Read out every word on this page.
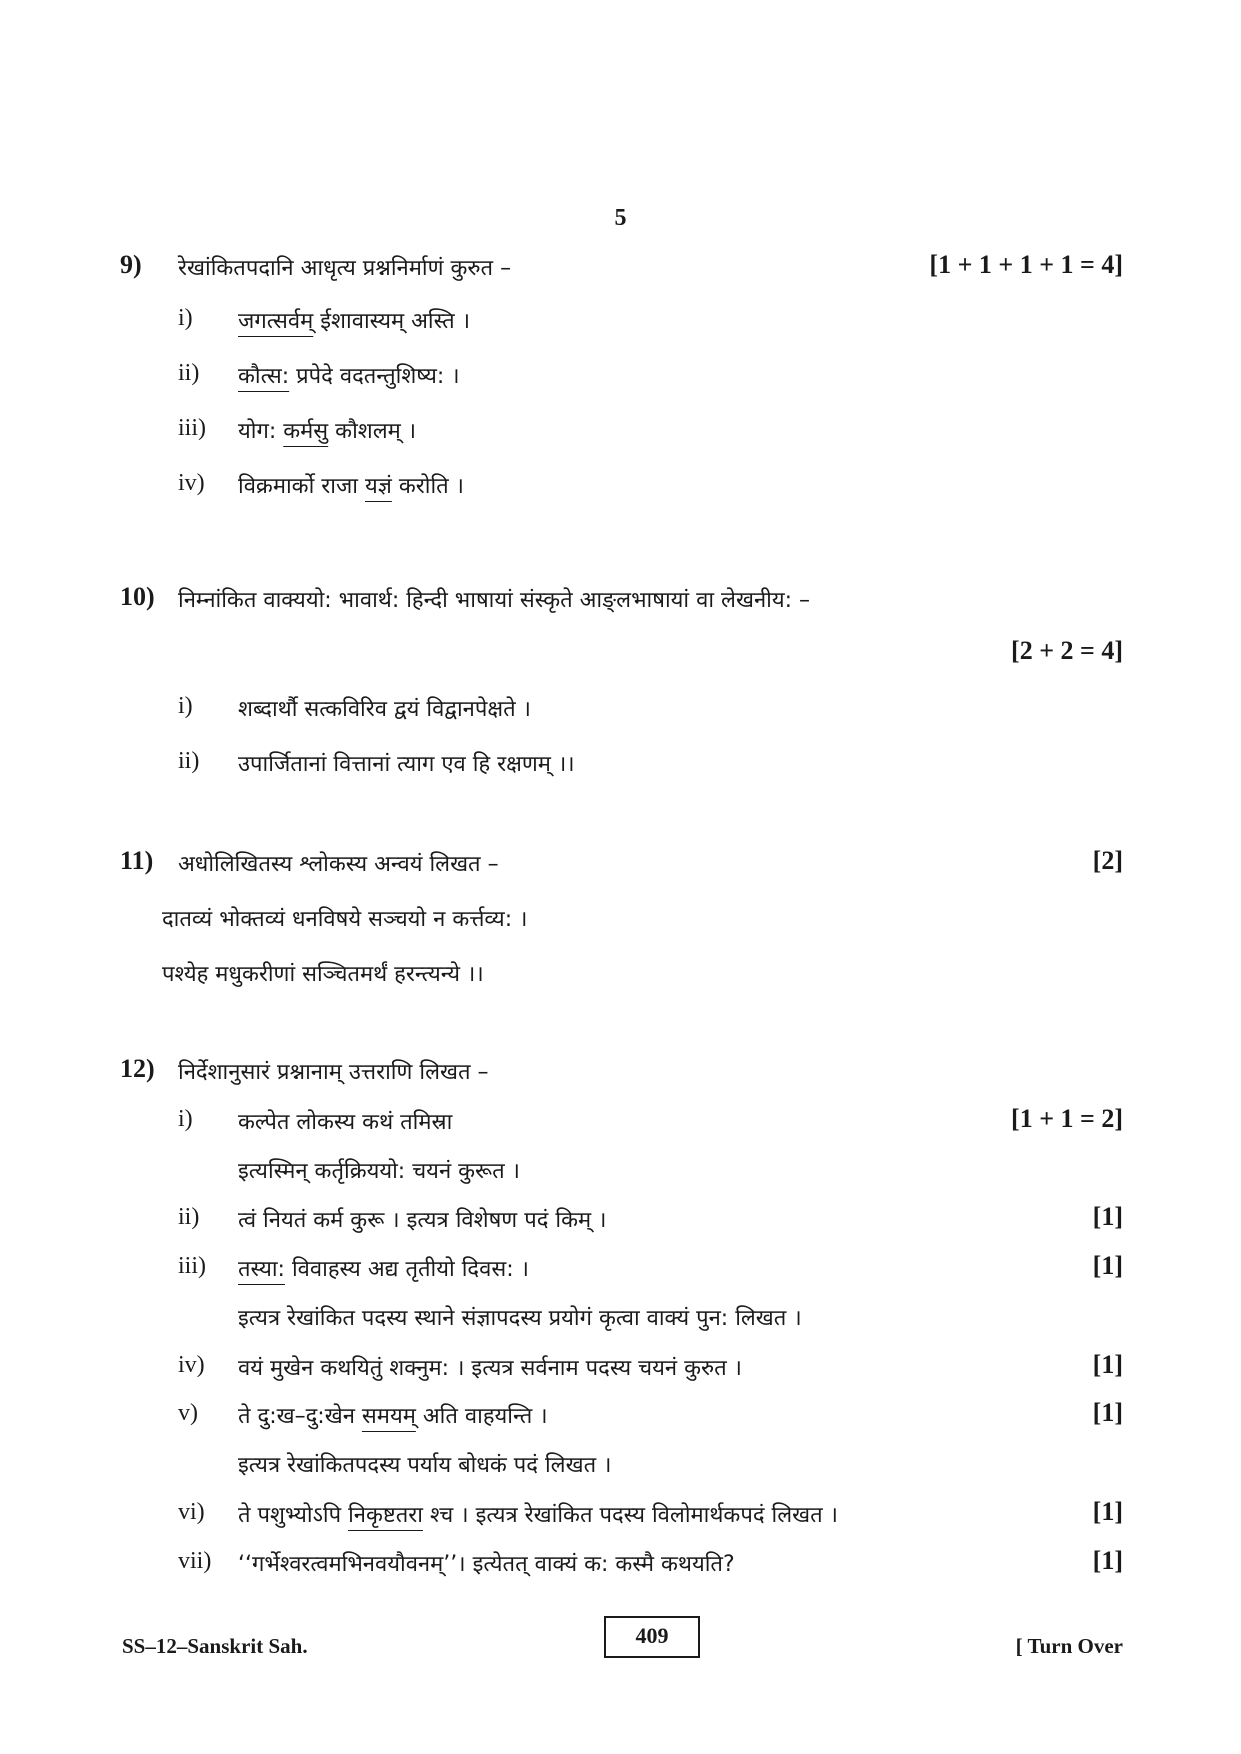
5
9) रेखांकितपदानि आधृत्य प्रश्ननिर्माणं कुरुत –	[1 + 1 + 1 + 1 = 4]
i) जगत्सर्वम् ईशावास्यम् अस्ति ।
ii) कौत्स: प्रपेदे वदतन्तुशिष्य: ।
iii) योग: कर्मसु कौशलम् ।
iv) विक्रमार्को राजा यज्ञं करोति ।
10) निम्नांकित वाक्ययो: भावार्थ: हिन्दी भाषायां संस्कृते आङ्लभाषायां वा लेखनीय: –
[2 + 2 = 4]
i) शब्दार्थौ सत्कविरिव द्वयं विद्वानपेक्षते ।
ii) उपार्जितानां वित्तानां त्याग एव हि रक्षणम् ।।
11) अधोलिखितस्य श्लोकस्य अन्वयं लिखत –	[2]
दातव्यं भोक्तव्यं धनविषये सञ्चयो न कर्त्तव्य: ।
पश्येह मधुकरीणां सञ्चितमर्थं हरन्त्यन्ये ।।
12) निर्देशानुसारं प्रश्नानाम् उत्तराणि लिखत –
i) कल्पेत लोकस्य कथं तमिस्रा	[1 + 1 = 2]
इत्यस्मिन् कर्तृक्रिययो: चयनं कुरूत ।
ii) त्वं नियतं कर्म कुरू । इत्यत्र विशेषण पदं किम् ।	[1]
iii) तस्या: विवाहस्य अद्य तृतीयो दिवस: ।	[1]
इत्यत्र रेखांकित पदस्य स्थाने संज्ञापदस्य प्रयोगं कृत्वा वाक्यं पुन: लिखत ।
iv) वयं मुखेन कथयितुं शक्नुम: । इत्यत्र सर्वनाम पदस्य चयनं कुरुत ।	[1]
v) ते दु:ख–दु:खेन समयम् अति वाहयन्ति ।	[1]
इत्यत्र रेखांकितपदस्य पर्याय बोधकं पदं लिखत ।
vi) ते पशुभ्योऽपि निकृष्टतरा श्च । इत्यत्र रेखांकित पदस्य विलोमार्थकपदं लिखत ।	[1]
vii) ‘‘गर्भेश्वरत्वमभिनवयौवनम्’’। इत्येतत् वाक्यं क: कस्मै कथयति?	[1]
SS–12–Sanskrit Sah.	409	[ Turn Over
